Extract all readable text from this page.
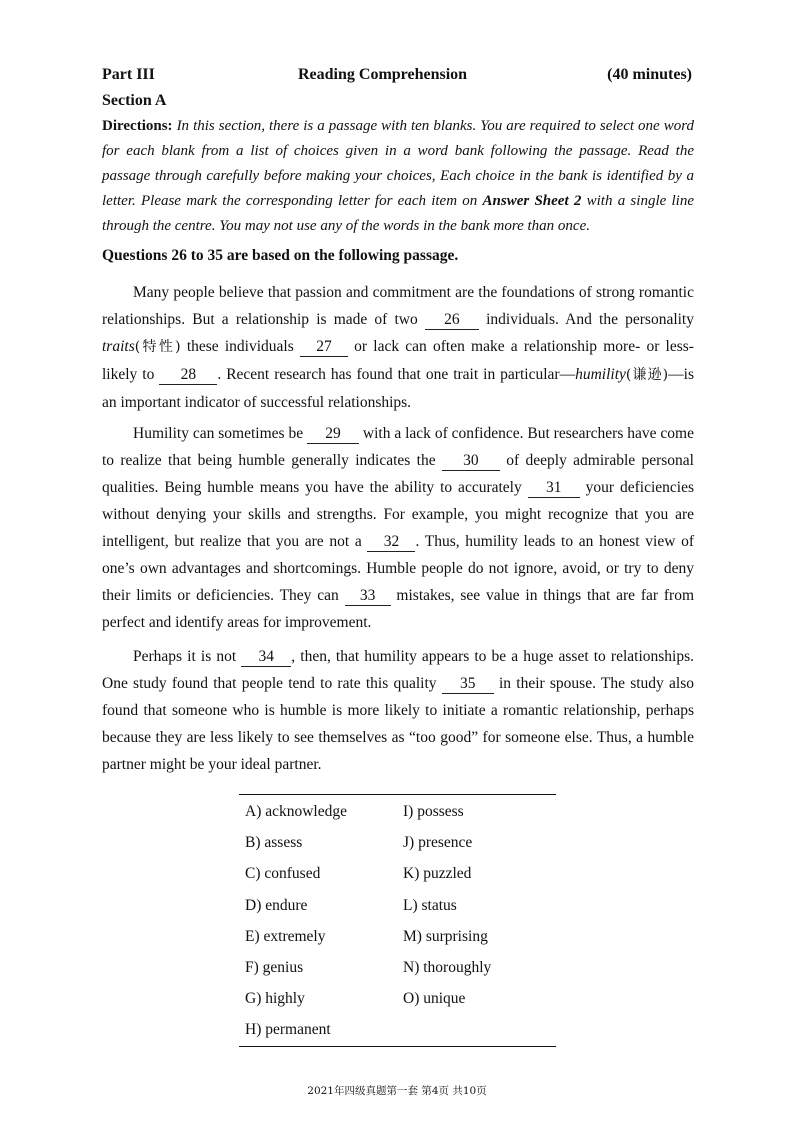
Part III	Reading Comprehension	(40 minutes)
Section A
Directions: In this section, there is a passage with ten blanks. You are required to select one word for each blank from a list of choices given in a word bank following the passage. Read the passage through carefully before making your choices, Each choice in the bank is identified by a letter. Please mark the corresponding letter for each item on Answer Sheet 2 with a single line through the centre. You may not use any of the words in the bank more than once.
Questions 26 to 35 are based on the following passage.
Many people believe that passion and commitment are the foundations of strong romantic relationships. But a relationship is made of two 26 individuals. And the personality traits(特性) these individuals 27 or lack can often make a relationship more- or less- likely to 28 . Recent research has found that one trait in particular—humility(谦逊)—is an important indicator of successful relationships.
Humility can sometimes be 29 with a lack of confidence. But researchers have come to realize that being humble generally indicates the 30 of deeply admirable personal qualities. Being humble means you have the ability to accurately 31 your deficiencies without denying your skills and strengths. For example, you might recognize that you are intelligent, but realize that you are not a 32 . Thus, humility leads to an honest view of one’s own advantages and shortcomings. Humble people do not ignore, avoid, or try to deny their limits or deficiencies. They can 33 mistakes, see value in things that are far from perfect and identify areas for improvement.
Perhaps it is not 34 , then, that humility appears to be a huge asset to relationships. One study found that people tend to rate this quality 35 in their spouse. The study also found that someone who is humble is more likely to initiate a romantic relationship, perhaps because they are less likely to see themselves as “too good” for someone else. Thus, a humble partner might be your ideal partner.
A) acknowledge
B) assess
C) confused
D) endure
E) extremely
F) genius
G) highly
H) permanent
I) possess
J) presence
K) puzzled
L) status
M) surprising
N) thoroughly
O) unique
2021年四级真题第一套 第4页 共10页
